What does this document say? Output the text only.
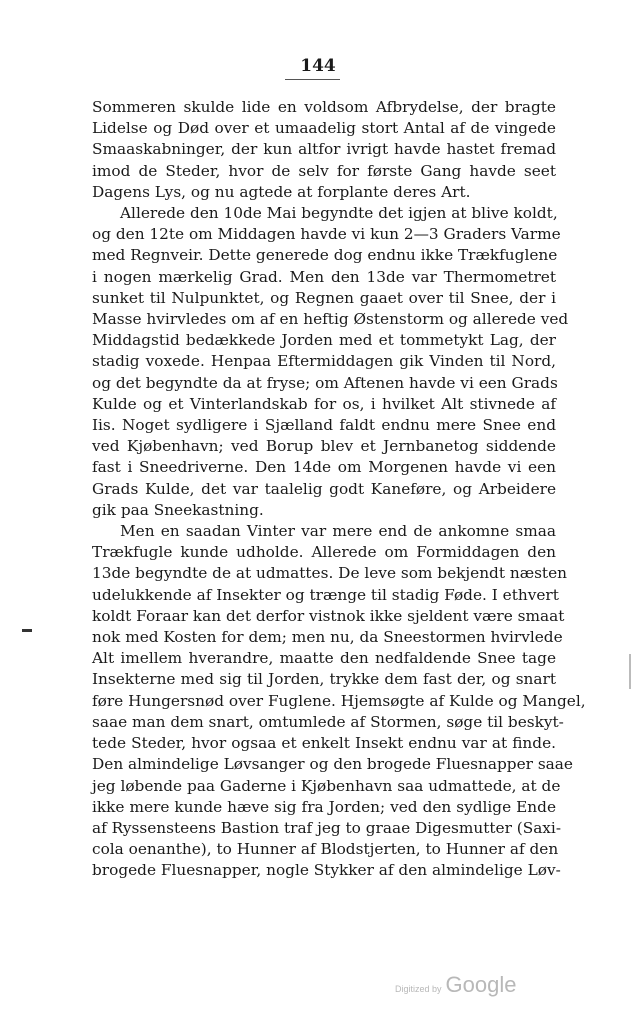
144

Sommeren skulde lide en voldsom Afbrydelse, der bragte
Lidelse og Død over et umaadelig stort Antal af de vingede
Smaaskabninger, der kun altfor ivrigt havde hastet fremad
imod de Steder, hvor de selv for første Gang havde seet
Dagens Lys, og nu agtede at forplante deres Art.

Allerede den 10de Mai begyndte det igjen at blive koldt,
og den 12te om Middagen havde vi kun 2—3 Graders Varme
med Regnveir. Dette generede dog endnu ikke Trækfuglene
i nogen mærkelig Grad. Men den 13de var Thermometret
sunket til Nulpunktet, og Regnen gaaet over til Snee, der i
Masse hvirvledes om af en heftig Østenstorm og allerede ved
Middagstid bedækkede Jorden med et tommetykt Lag, der
stadig voxede. Henpaa Eftermiddagen gik Vinden til Nord,
og det begyndte da at fryse; om Aftenen havde vi een Grads
Kulde og et Vinterlandskab for os, i hvilket Alt stivnede af
Iis. Noget sydligere i Sjælland faldt endnu mere Snee end
ved Kjøbenhavn; ved Borup blev et Jernbanetog siddende
fast i Sneedriverne. Den 14de om Morgenen havde vi een
Grads Kulde, det var taalelig godt Kaneføre, og Arbeidere
gik paa Sneekastning.

Men en saadan Vinter var mere end de ankomne smaa
Trækfugle kunde udholde. Allerede om Formiddagen den
13de begyndte de at udmattes. De leve som bekjendt næsten
udelukkende af Insekter og trænge til stadig Føde. I ethvert
koldt Foraar kan det derfor vistnok ikke sjeldent være smaat
nok med Kosten for dem; men nu, da Sneestormen hvirvlede
Alt imellem hverandre, maatte den nedfaldende Snee tage
Insekterne med sig til Jorden, trykke dem fast der, og snart
føre Hungersnød over Fuglene. Hjemsøgte af Kulde og Mangel,
saae man dem snart, omtumlede af Stormen, søge til beskyt-
tede Steder, hvor ogsaa et enkelt Insekt endnu var at finde.
Den almindelige Løvsanger og den brogede Fluesnapper saae
jeg løbende paa Gaderne i Kjøbenhavn saa udmattede, at de
ikke mere kunde hæve sig fra Jorden; ved den sydlige Ende
af Ryssensteens Bastion traf jeg to graae Digesmutter (Saxi-
cola oenanthe), to Hunner af Blodstjerten, to Hunner af den
brogede Fluesnapper, nogle Stykker af den almindelige Løv-

Digitized by Google
